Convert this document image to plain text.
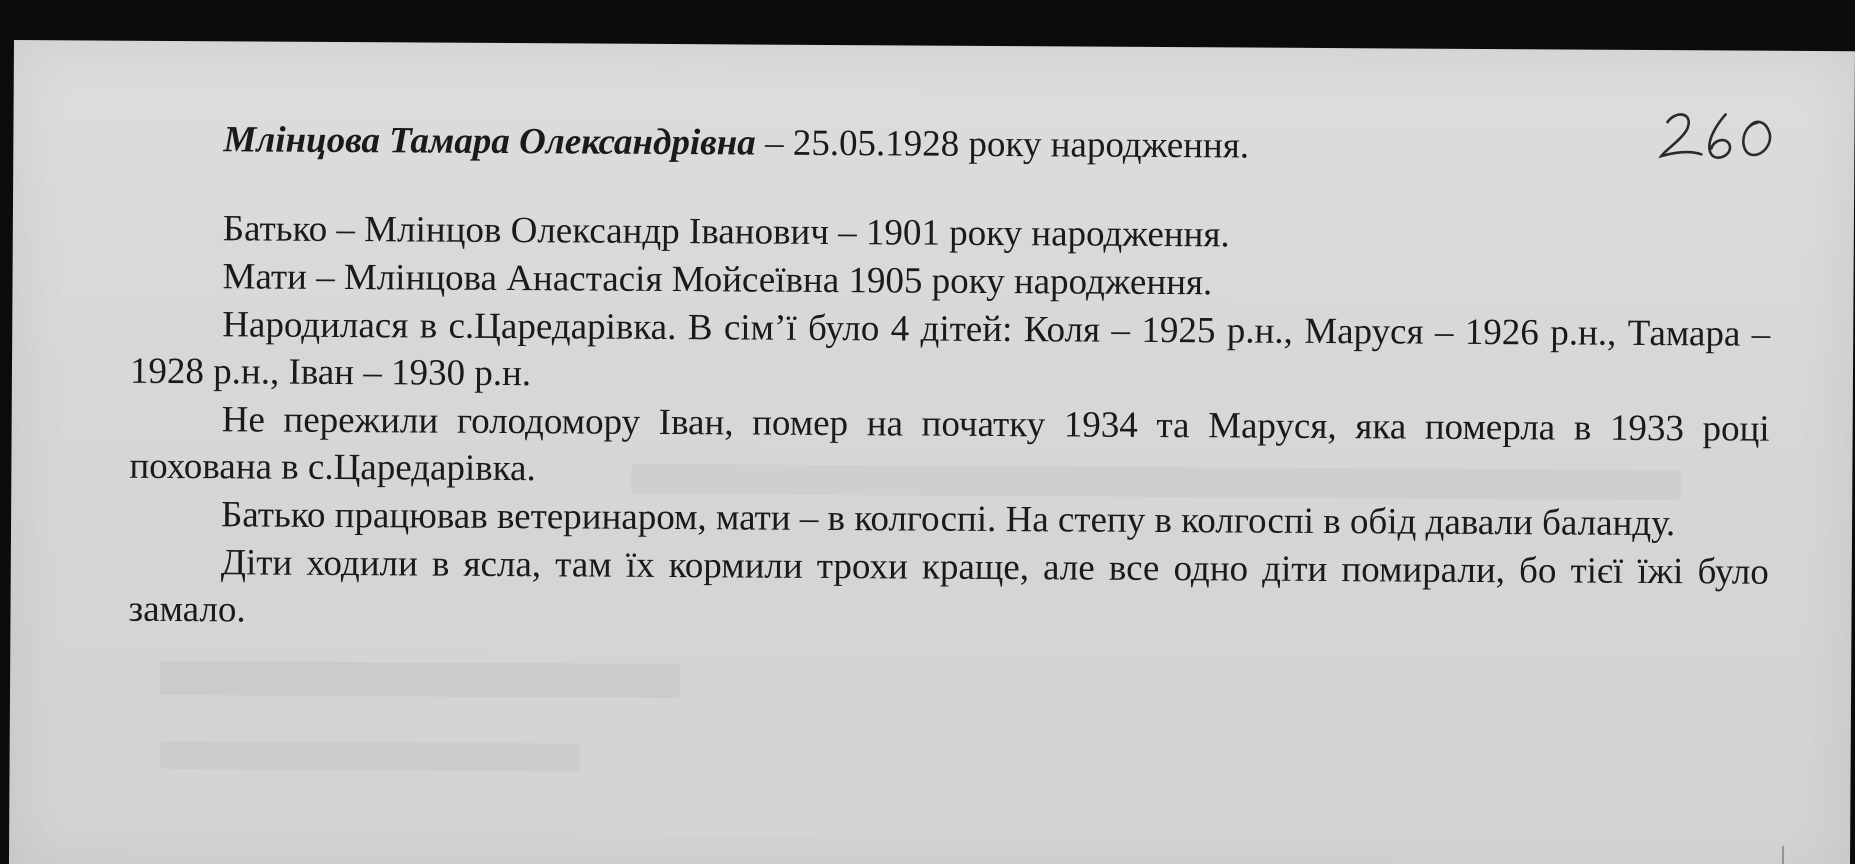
Млінцова Тамара Олександрівна – 25.05.1928 року народження.

Батько – Млінцов Олександр Іванович – 1901 року народження.

Мати – Млінцова Анастасія Мойсеївна 1905 року народження.

Народилася в с.Царедарівка. В сім’ї було 4 дітей: Коля – 1925 р.н., Маруся – 1926 р.н., Тамара – 1928 р.н., Іван – 1930 р.н.

Не пережили голодомору Іван, помер на початку 1934 та Маруся, яка померла в 1933 році похована в с.Царедарівка.

Батько працював ветеринаром, мати – в колгоспі. На степу в колгоспі в обід давали баланду.

Діти ходили в ясла, там їх кормили трохи краще, але все одно діти помирали, бо тієї їжі було замало.
